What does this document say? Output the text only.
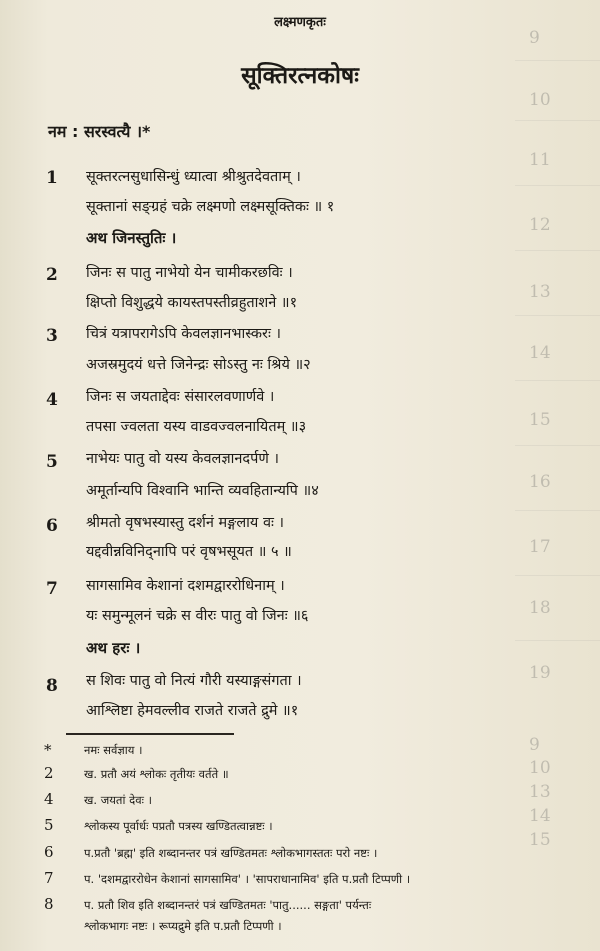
9
10
11
12
13
14
15
16
17
18
19
9
10
13
14
15
लक्ष्मणकृतः
सूक्तिरत्नकोषः
नम : सरस्वत्यै ।*
अथ जिनस्तुतिः ।
1 सूक्तरत्नसुधासिन्धुं ध्यात्वा श्रीश्रुतदेवताम् ।
सूक्तानां सङ्ग्रहं चक्रे लक्ष्मणो लक्ष्मसूक्तिकः ॥ १
2 जिनः स पातु नाभेयो येन चामीकरछविः ।
क्षिप्तो विशुद्धये कायस्तपस्तीव्रहुताशने ॥१
3 चित्रं यत्रापरागेऽपि केवलज्ञानभास्करः ।
अजस्रमुदयं धत्ते जिनेन्द्रः सोऽस्तु नः श्रिये ॥२
4 जिनः स जयताद्देवः संसारलवणार्णवे ।
तपसा ज्वलता यस्य वाडवज्वलनायितम् ॥३
5 नाभेयः पातु वो यस्य केवलज्ञानदर्पणे ।
अमूर्तान्यपि विश्वानि भान्ति व्यवहितान्यपि ॥४
6 श्रीमतो वृषभस्यास्तु दर्शनं मङ्गलाय वः ।
यद्दवीन्नविनिद्नापि परं वृषभसूयत ॥ ५ ॥
7 सागसामिव केशानां दशमद्वाररोधिनाम् ।
यः समुन्मूलनं चक्रे स वीरः पातु वो जिनः ॥६
अथ हरः ।
8 स शिवः पातु वो नित्यं गौरी यस्याङ्गसंगता ।
आश्लिष्टा हेमवल्लीव राजते राजते द्रुमे ॥१
*	नमः सर्वज्ञाय ।
2	ख. प्रतौ अयं श्लोकः तृतीयः वर्तते ॥
4	ख. जयतां देवः ।
5	श्लोकस्य पूर्वार्धः पप्रतौ पत्रस्य खण्डितत्वान्नष्टः ।
6	प.प्रतौ 'ब्रह्म' इति शब्दानन्तर पत्रं खण्डितमतः श्लोकभागस्ततः परो नष्टः ।
7	प. 'दशमद्वाररोधेन केशानां सागसामिव' । 'सापराधानामिव' इति प.प्रतौ टिप्पणी ।
8	प. प्रतौ शिव इति शब्दानन्तरं पत्रं खण्डितमतः 'पातु...... सङ्गता' पर्यन्तः
श्लोकभागः नष्टः । रूप्यद्रुमे इति प.प्रतौ टिप्पणी ।
